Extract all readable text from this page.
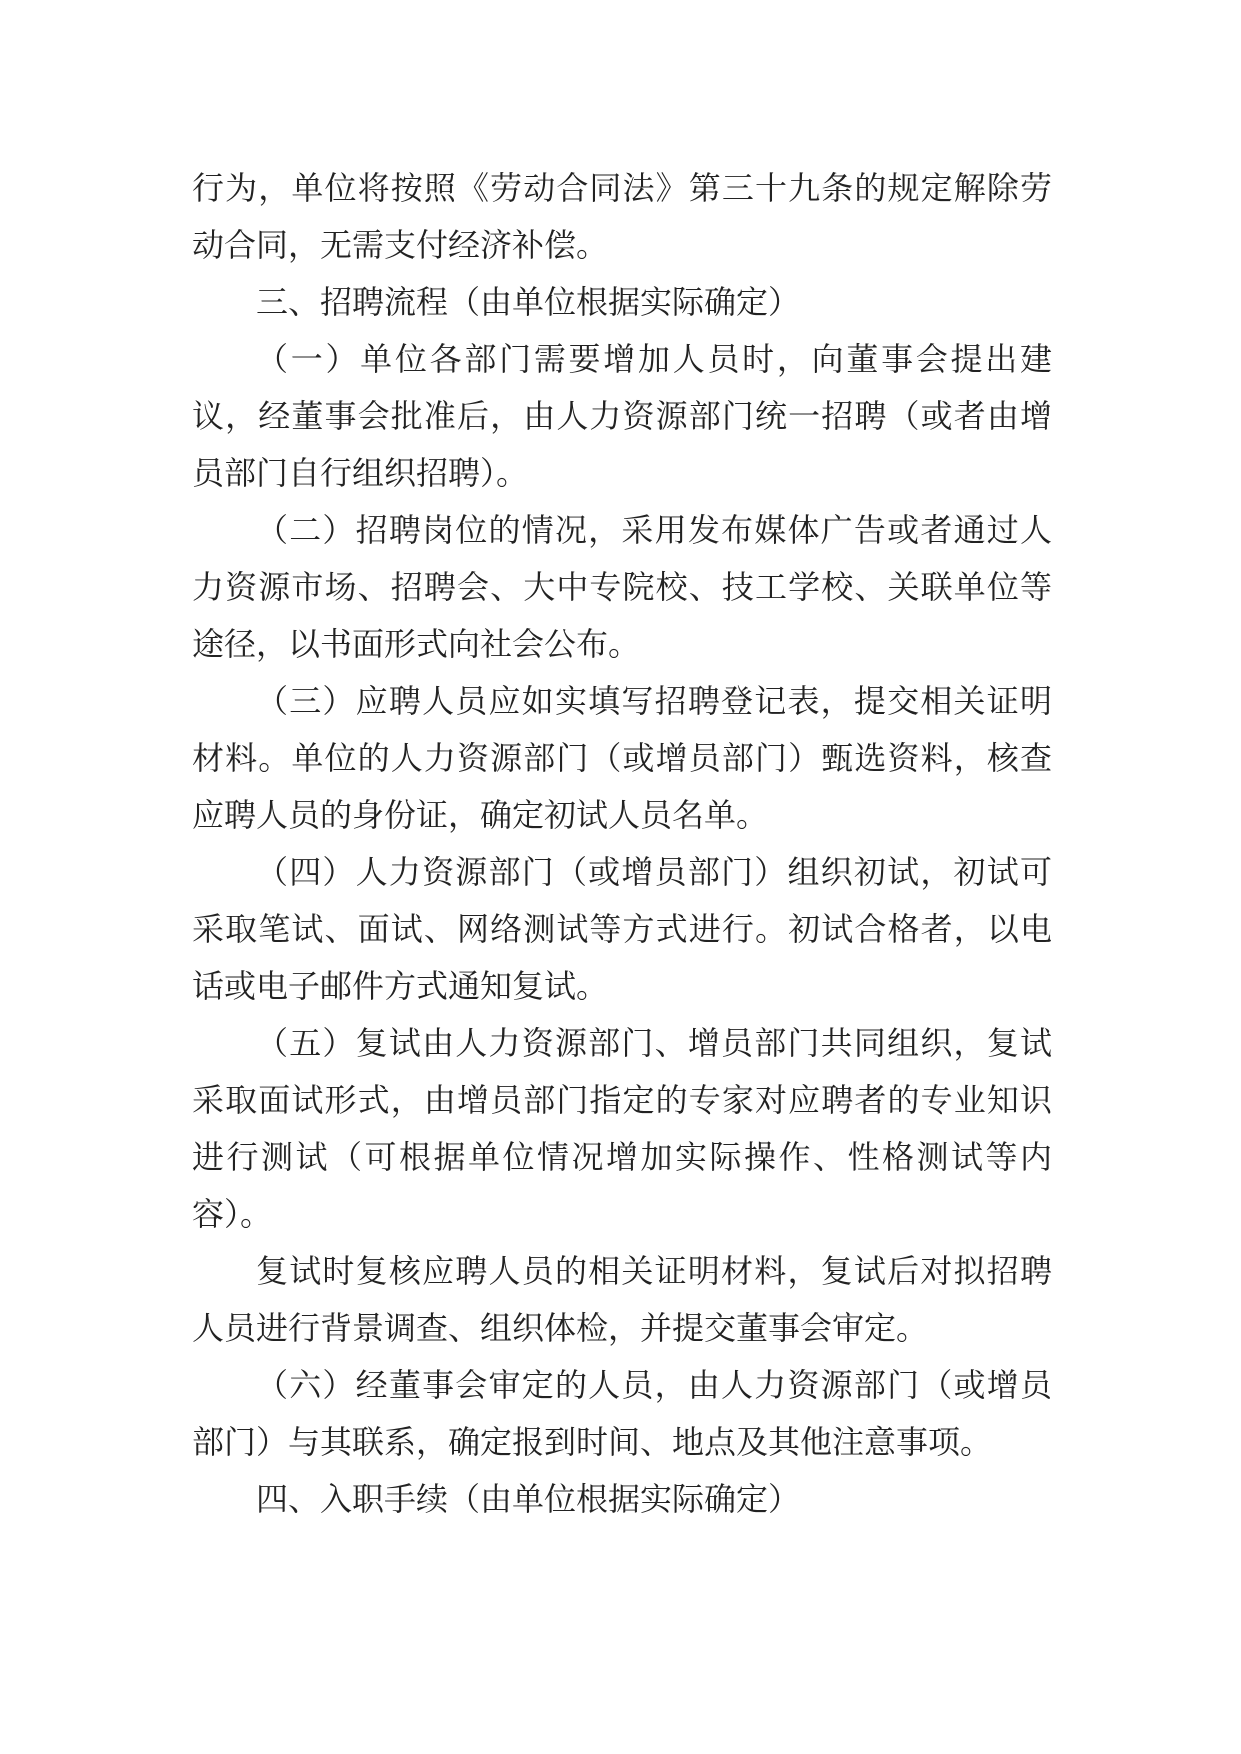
行为，单位将按照《劳动合同法》第三十九条的规定解除劳动合同，无需支付经济补偿。

三、招聘流程（由单位根据实际确定）

（一）单位各部门需要增加人员时，向董事会提出建议，经董事会批准后，由人力资源部门统一招聘（或者由增员部门自行组织招聘）。

（二）招聘岗位的情况，采用发布媒体广告或者通过人力资源市场、招聘会、大中专院校、技工学校、关联单位等途径，以书面形式向社会公布。

（三）应聘人员应如实填写招聘登记表，提交相关证明材料。单位的人力资源部门（或增员部门）甄选资料，核查应聘人员的身份证，确定初试人员名单。

（四）人力资源部门（或增员部门）组织初试，初试可采取笔试、面试、网络测试等方式进行。初试合格者，以电话或电子邮件方式通知复试。

（五）复试由人力资源部门、增员部门共同组织，复试采取面试形式，由增员部门指定的专家对应聘者的专业知识进行测试（可根据单位情况增加实际操作、性格测试等内容）。

复试时复核应聘人员的相关证明材料，复试后对拟招聘人员进行背景调查、组织体检，并提交董事会审定。

（六）经董事会审定的人员，由人力资源部门（或增员部门）与其联系，确定报到时间、地点及其他注意事项。

四、入职手续（由单位根据实际确定）
